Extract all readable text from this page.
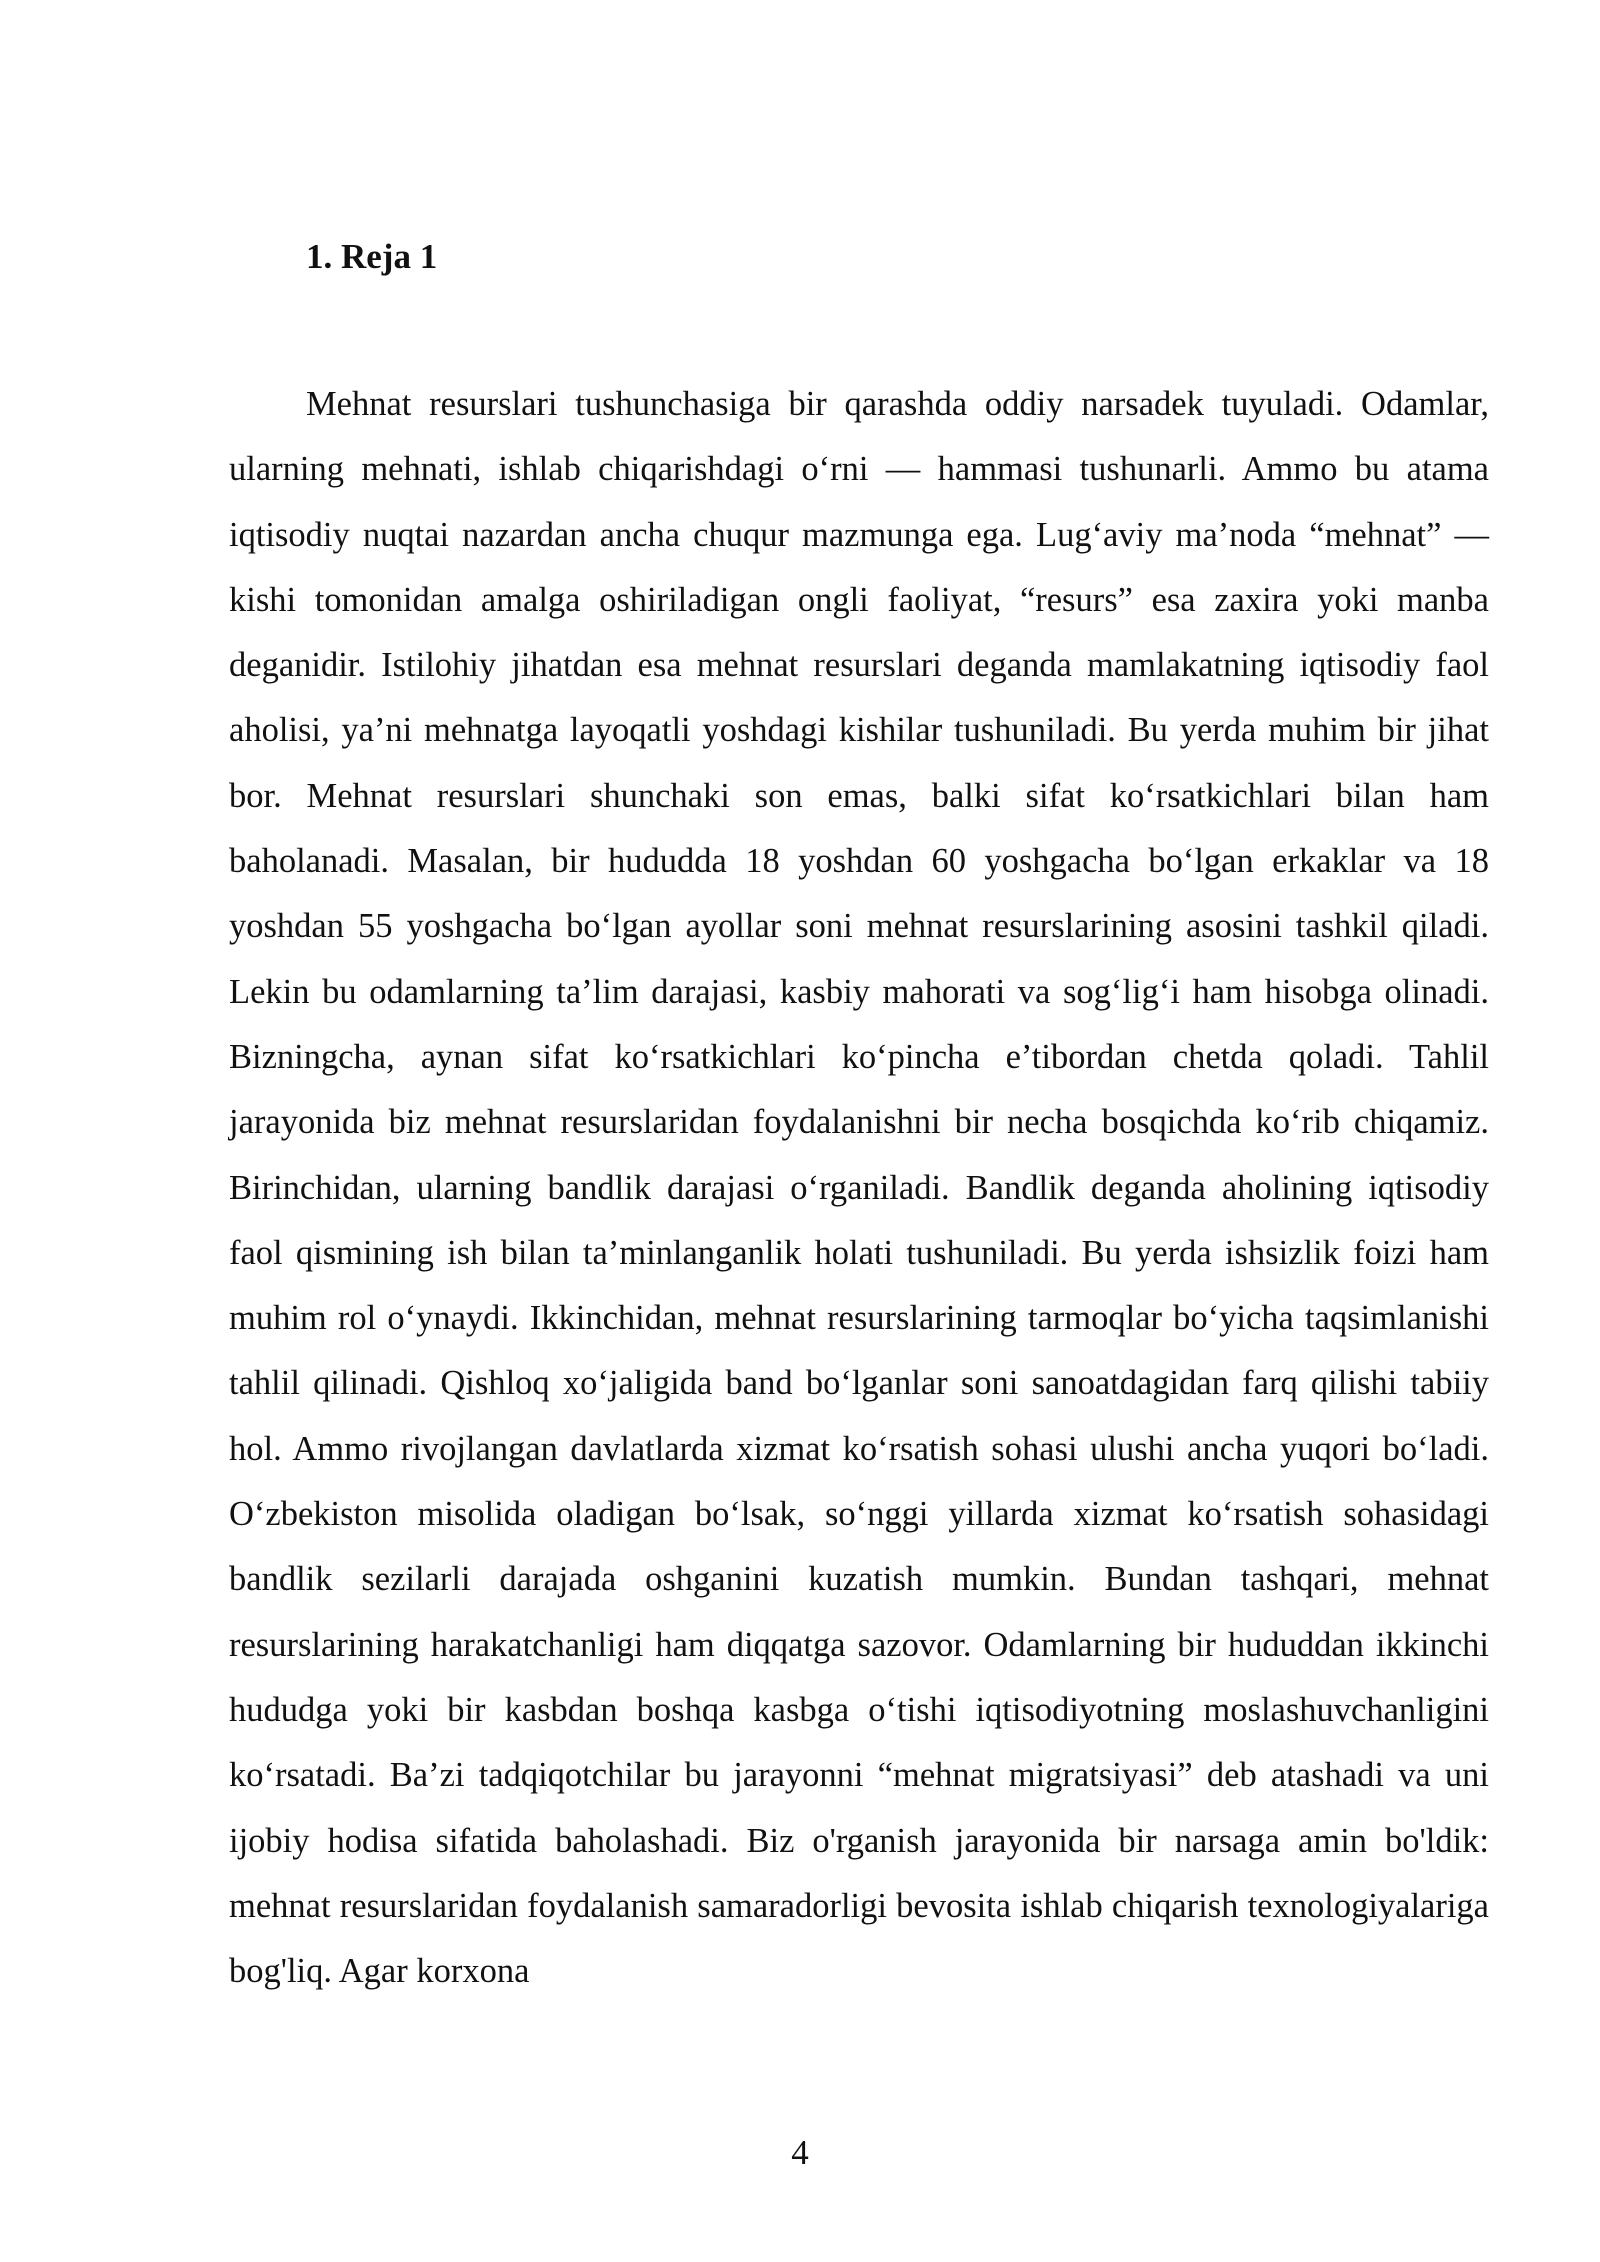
1. Reja 1

Mehnat resurslari tushunchasiga bir qarashda oddiy narsadek tuyuladi. Odamlar, ularning mehnati, ishlab chiqarishdagi o‘rni — hammasi tushunarli. Ammo bu atama iqtisodiy nuqtai nazardan ancha chuqur mazmunga ega. Lug‘aviy ma’noda “mehnat” — kishi tomonidan amalga oshiriladigan ongli faoliyat, “resurs” esa zaxira yoki manba deganidir. Istilohiy jihatdan esa mehnat resurslari deganda mamlakatning iqtisodiy faol aholisi, ya’ni mehnatga layoqatli yoshdagi kishilar tushuniladi. Bu yerda muhim bir jihat bor. Mehnat resurslari shunchaki son emas, balki sifat ko‘rsatkichlari bilan ham baholanadi. Masalan, bir hududda 18 yoshdan 60 yoshgacha bo‘lgan erkaklar va 18 yoshdan 55 yoshgacha bo‘lgan ayollar soni mehnat resurslarining asosini tashkil qiladi. Lekin bu odamlarning ta’lim darajasi, kasbiy mahorati va sog‘lig‘i ham hisobga olinadi. Bizningcha, aynan sifat ko‘rsatkichlari ko‘pincha e’tibordan chetda qoladi. Tahlil jarayonida biz mehnat resurslaridan foydalanishni bir necha bosqichda ko‘rib chiqamiz. Birinchidan, ularning bandlik darajasi o‘rganiladi. Bandlik deganda aholining iqtisodiy faol qismining ish bilan ta’minlanganlik holati tushuniladi. Bu yerda ishsizlik foizi ham muhim rol o‘ynaydi. Ikkinchidan, mehnat resurslarining tarmoqlar bo‘yicha taqsimlanishi tahlil qilinadi. Qishloq xo‘jaligida band bo‘lganlar soni sanoatdagidan farq qilishi tabiiy hol. Ammo rivojlangan davlatlarda xizmat ko‘rsatish sohasi ulushi ancha yuqori bo‘ladi. O‘zbekiston misolida oladigan bo‘lsak, so‘nggi yillarda xizmat ko‘rsatish sohasidagi bandlik sezilarli darajada oshganini kuzatish mumkin. Bundan tashqari, mehnat resurslarining harakatchanligi ham diqqatga sazovor. Odamlarning bir hududdan ikkinchi hududga yoki bir kasbdan boshqa kasbga o‘tishi iqtisodiyotning moslashuvchanligini ko‘rsatadi. Ba’zi tadqiqotchilar bu jarayonni “mehnat migratsiyasi” deb atashadi va uni ijobiy hodisa sifatida baholashadi. Biz o'rganish jarayonida bir narsaga amin bo'ldik: mehnat resurslaridan foydalanish samaradorligi bevosita ishlab chiqarish texnologiyalariga bog'liq. Agar korxona

4
